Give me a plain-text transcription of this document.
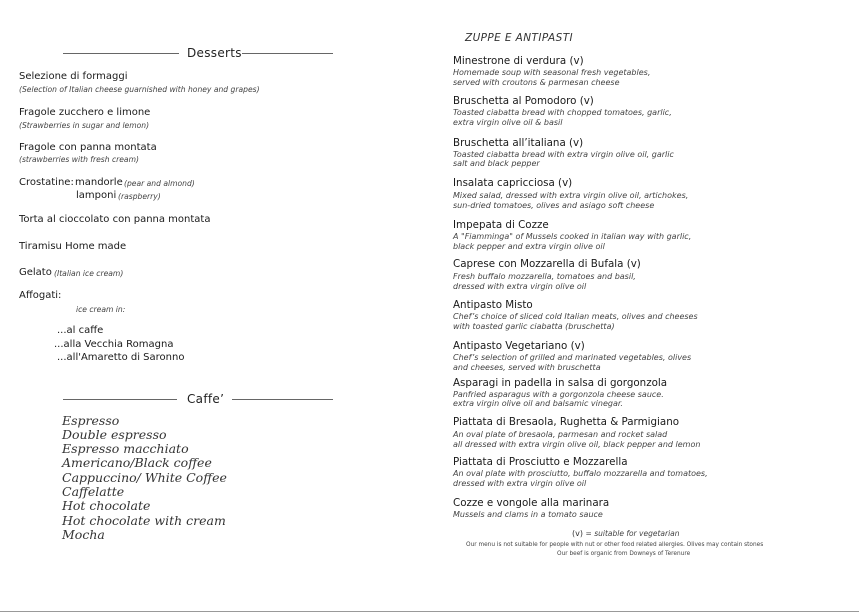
Desserts
Selezione di formaggi
(Selection of Italian cheese guarnished with honey and grapes)
Fragole zucchero e limone
(Strawberries in sugar and lemon)
Fragole con panna montata
(strawberries with fresh cream)
Crostatine: mandorle (pear and almond)
lamponi (raspberry)
Torta al cioccolato con panna montata
Tiramisu Home made
Gelato (Italian ice cream)
Affogati:
ice cream in:
...al caffe
...alla Vecchia Romagna
...all'Amaretto di Saronno
Caffe’
Espresso
Double espresso
Espresso macchiato
Americano/Black coffee
Cappuccino/ White Coffee
Caffelatte
Hot chocolate
Hot chocolate with cream
Mocha
ZUPPE E ANTIPASTI
Minestrone di verdura (v)
Homemade soup with seasonal fresh vegetables,
served with croutons & parmesan cheese
Bruschetta al Pomodoro (v)
Toasted ciabatta bread with chopped tomatoes, garlic,
extra virgin olive oil & basil
Bruschetta all’italiana (v)
Toasted ciabatta bread with extra virgin olive oil, garlic
salt and black pepper
Insalata capricciosa (v)
Mixed salad, dressed with extra virgin olive oil, artichokes,
sun-dried tomatoes, olives and asiago soft cheese
Impepata di Cozze
A "Fiamminga" of Mussels cooked in italian way with garlic,
black pepper and extra virgin olive oil
Caprese con Mozzarella di Bufala (v)
Fresh buffalo mozzarella, tomatoes and basil,
dressed with extra virgin olive oil
Antipasto Misto
Chef’s choice of sliced cold Italian meats, olives and cheeses
with toasted garlic ciabatta (bruschetta)
Antipasto Vegetariano (v)
Chef’s selection of grilled and marinated vegetables, olives
and cheeses, served with bruschetta
Asparagi in padella in salsa di gorgonzola
Panfried asparagus with a gorgonzola cheese sauce.
extra virgin olive oil and balsamic vinegar.
Piattata di Bresaola, Rughetta & Parmigiano
An oval plate of bresaola, parmesan and rocket salad
all dressed with extra virgin olive oil, black pepper and lemon
Piattata di Prosciutto e Mozzarella
An oval plate with prosciutto, buffalo mozzarella and tomatoes,
dressed with extra virgin olive oil
Cozze e vongole alla marinara
Mussels and clams in a tomato sauce
(v) = suitable for vegetarian
Our menu is not suitable for people with nut or other food related allergies. Olives may contain stones
Our beef is organic from Downeys of Terenure
